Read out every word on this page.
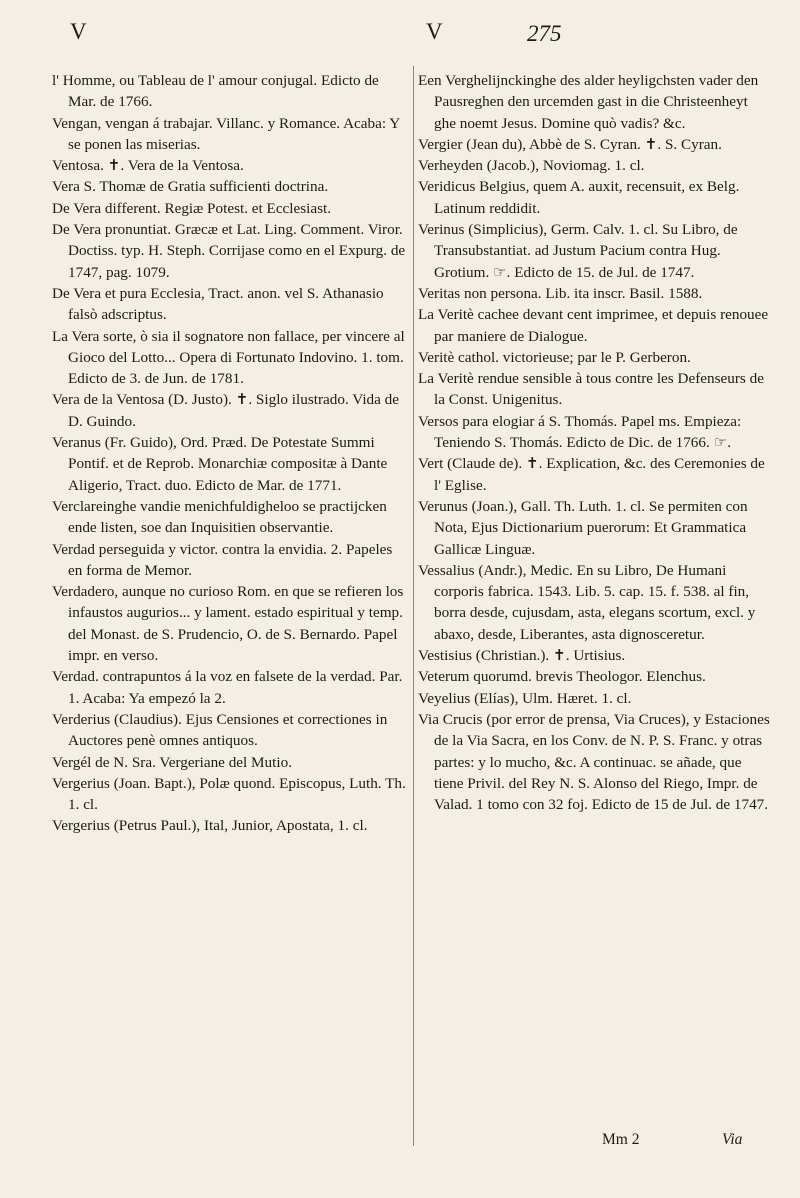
V	V	275

l' Homme, ou Tableau de l' amour conjugal. Edicto de Mar. de 1766.

Vengan, vengan á trabajar. Villanc. y Romance. Acaba: Y se ponen las miserias.

Ventosa. ✝. Vera de la Ventosa.

Vera S. Thomæ de Gratia sufficienti doctrina.

De Vera different. Regiæ Potest. et Ecclesiast.

De Vera pronuntiat. Græcæ et Lat. Ling. Comment. Viror. Doctiss. typ. H. Steph. Corrijase como en el Expurg. de 1747, pag. 1079.

De Vera et pura Ecclesia, Tract. anon. vel S. Athanasio falsò adscriptus.

La Vera sorte, ò sia il sognatore non fallace, per vincere al Gioco del Lotto... Opera di Fortunato Indovino. 1. tom. Edicto de 3. de Jun. de 1781.

Vera de la Ventosa (D. Justo). ✝. Siglo ilustrado. Vida de D. Guindo.

Veranus (Fr. Guido), Ord. Præd. De Potestate Summi Pontif. et de Reprob. Monarchiæ compositæ à Dante Aligerio, Tract. duo. Edicto de Mar. de 1771.

Verclareinghe vandie menichfuldigheloo se practijcken ende listen, soe dan Inquisitien observantie.

Verdad perseguida y victor. contra la envidia. 2. Papeles en forma de Memor.

Verdadero, aunque no curioso Rom. en que se refieren los infaustos augurios... y lament. estado espiritual y temp. del Monast. de S. Prudencio, O. de S. Bernardo. Papel impr. en verso.

Verdad. contrapuntos á la voz en falsete de la verdad. Par. 1. Acaba: Ya empezó la 2.

Verderius (Claudius). Ejus Censiones et correctiones in Auctores penè omnes antiquos.

Vergél de N. Sra. Vergeriane del Mutio.

Vergerius (Joan. Bapt.), Polæ quond. Episcopus, Luth. Th. 1. cl.

Vergerius (Petrus Paul.), Ital, Junior, Apostata, 1. cl.

Een Verghelijnckinghe des alder heyligchsten vader den Pausreghen den urcemden gast in die Christeenheyt ghe noemt Jesus. Domine quò vadis? &c.

Vergier (Jean du), Abbè de S. Cyran. ✝. S. Cyran.

Verheyden (Jacob.), Noviomag. 1. cl.

Veridicus Belgius, quem A. auxit, recensuit, ex Belg. Latinum reddidit.

Verinus (Simplicius), Germ. Calv. 1. cl. Su Libro, de Transubstantiat. ad Justum Pacium contra Hug. Grotium. ☞. Edicto de 15. de Jul. de 1747.

Veritas non persona. Lib. ita inscr. Basil. 1588.

La Veritè cachee devant cent imprimee, et depuis renouee par maniere de Dialogue.

Veritè cathol. victorieuse; par le P. Gerberon.

La Veritè rendue sensible à tous contre les Defenseurs de la Const. Unigenitus.

Versos para elogiar á S. Thomás. Papel ms. Empieza: Teniendo S. Thomás. Edicto de Dic. de 1766. ☞.

Vert (Claude de). ✝. Explication, &c. des Ceremonies de l' Eglise.

Verunus (Joan.), Gall. Th. Luth. 1. cl. Se permiten con Nota, Ejus Dictionarium puerorum: Et Grammatica Gallicæ Linguæ.

Vessalius (Andr.), Medic. En su Libro, De Humani corporis fabrica. 1543. Lib. 5. cap. 15. f. 538. al fin, borra desde, cujusdam, asta, elegans scortum, excl. y abaxo, desde, Liberantes, asta dignosceretur.

Vestisius (Christian.). ✝. Urtisius.

Veterum quorumd. brevis Theologor. Elenchus.

Veyelius (Elías), Ulm. Hæret. 1. cl.

Via Crucis (por error de prensa, Via Cruces), y Estaciones de la Via Sacra, en los Conv. de N. P. S. Franc. y otras partes: y lo mucho, &c. A continuac. se añade, que tiene Privil. del Rey N. S. Alonso del Riego, Impr. de Valad. 1 tomo con 32 foj. Edicto de 15 de Jul. de 1747.

Mm 2	Via
